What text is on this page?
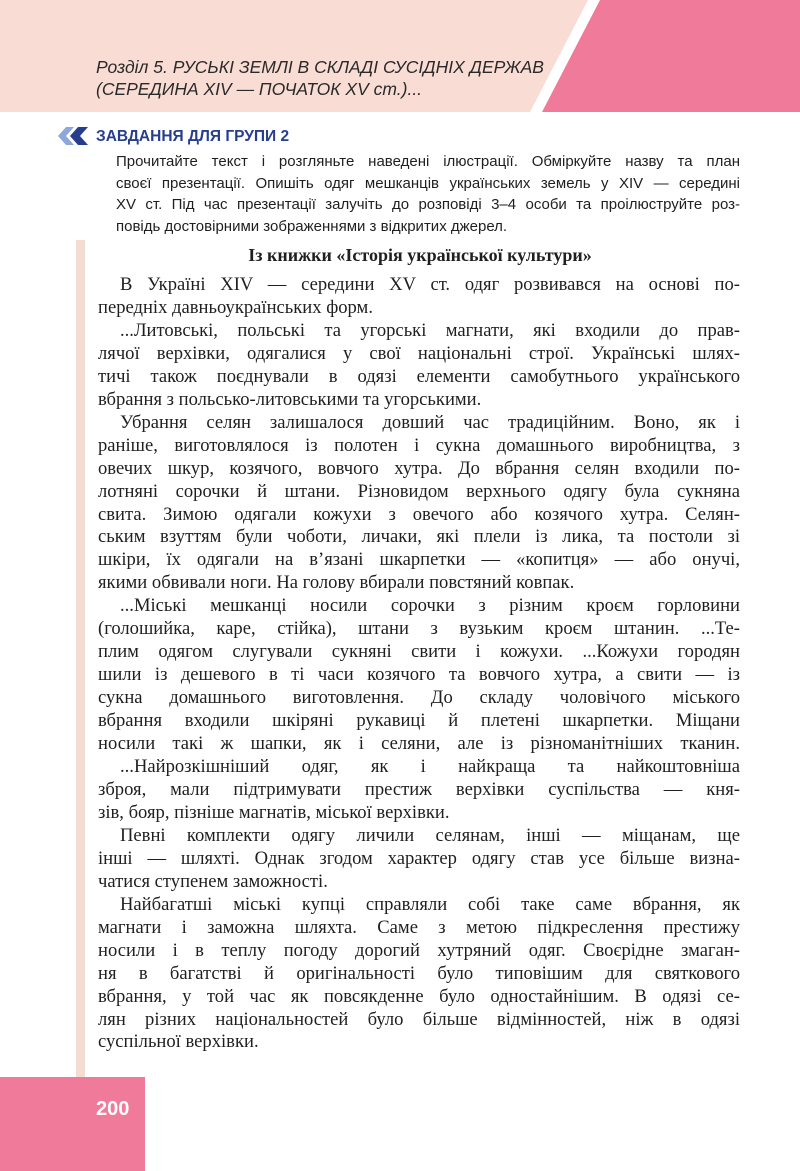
Розділ 5. РУСЬКІ ЗЕМЛІ В СКЛАДІ СУСІДНІХ ДЕРЖАВ
(СЕРЕДИНА XIV — ПОЧАТОК XV ст.)...
ЗАВДАННЯ ДЛЯ ГРУПИ 2
Прочитайте текст і розгляньте наведені ілюстрації. Обміркуйте назву та план
своєї презентації. Опишіть одяг мешканців українських земель у XIV — середині
XV ст. Під час презентації залучіть до розповіді 3–4 особи та проілюструйте роз-
повідь достовірними зображеннями з відкритих джерел.
Із книжки «Історія української культури»
В Україні XIV — середини XV ст. одяг розвивався на основі по-
передніх давньоукраїнських форм.
...Литовські, польські та угорські магнати, які входили до прав-
лячої верхівки, одягалися у свої національні строї. Українські шлях-
тичі також поєднували в одязі елементи самобутнього українського
вбрання з польсько-литовськими та угорськими.
Убрання селян залишалося довший час традиційним. Воно, як і
раніше, виготовлялося із полотен і сукна домашнього виробництва, з
овечих шкур, козячого, вовчого хутра. До вбрання селян входили по-
лотняні сорочки й штани. Різновидом верхнього одягу була сукняна
свита. Зимою одягали кожухи з овечого або козячого хутра. Селян-
ським взуттям були чоботи, личаки, які плели із лика, та постоли зі
шкіри, їх одягали на в’язані шкарпетки — «копитця» — або онучі,
якими обвивали ноги. На голову вбирали повстяний ковпак.
...Міські мешканці носили сорочки з різним кроєм горловини
(голошийка, каре, стійка), штани з вузьким кроєм штанин. ...Те-
плим одягом слугували сукняні свити і кожухи. ...Кожухи городян
шили із дешевого в ті часи козячого та вовчого хутра, а свити — із
сукна домашнього виготовлення. До складу чоловічого міського
вбрання входили шкіряні рукавиці й плетені шкарпетки. Міщани
носили такі ж шапки, як і селяни, але із різноманітніших тканин.
...Найрозкішніший одяг, як і найкраща та найкоштовніша
зброя, мали підтримувати престиж верхівки суспільства — кня-
зів, бояр, пізніше магнатів, міської верхівки.
Певні комплекти одягу личили селянам, інші — міщанам, ще
інші — шляхті. Однак згодом характер одягу став усе більше визна-
чатися ступенем заможності.
Найбагатші міські купці справляли собі таке саме вбрання, як
магнати і заможна шляхта. Саме з метою підкреслення престижу
носили і в теплу погоду дорогий хутряний одяг. Своєрідне змаган-
ня в багатстві й оригінальності було типовішим для святкового
вбрання, у той час як повсякденне було одностайнішим. В одязі се-
лян різних національностей було більше відмінностей, ніж в одязі
суспільної верхівки.
200
